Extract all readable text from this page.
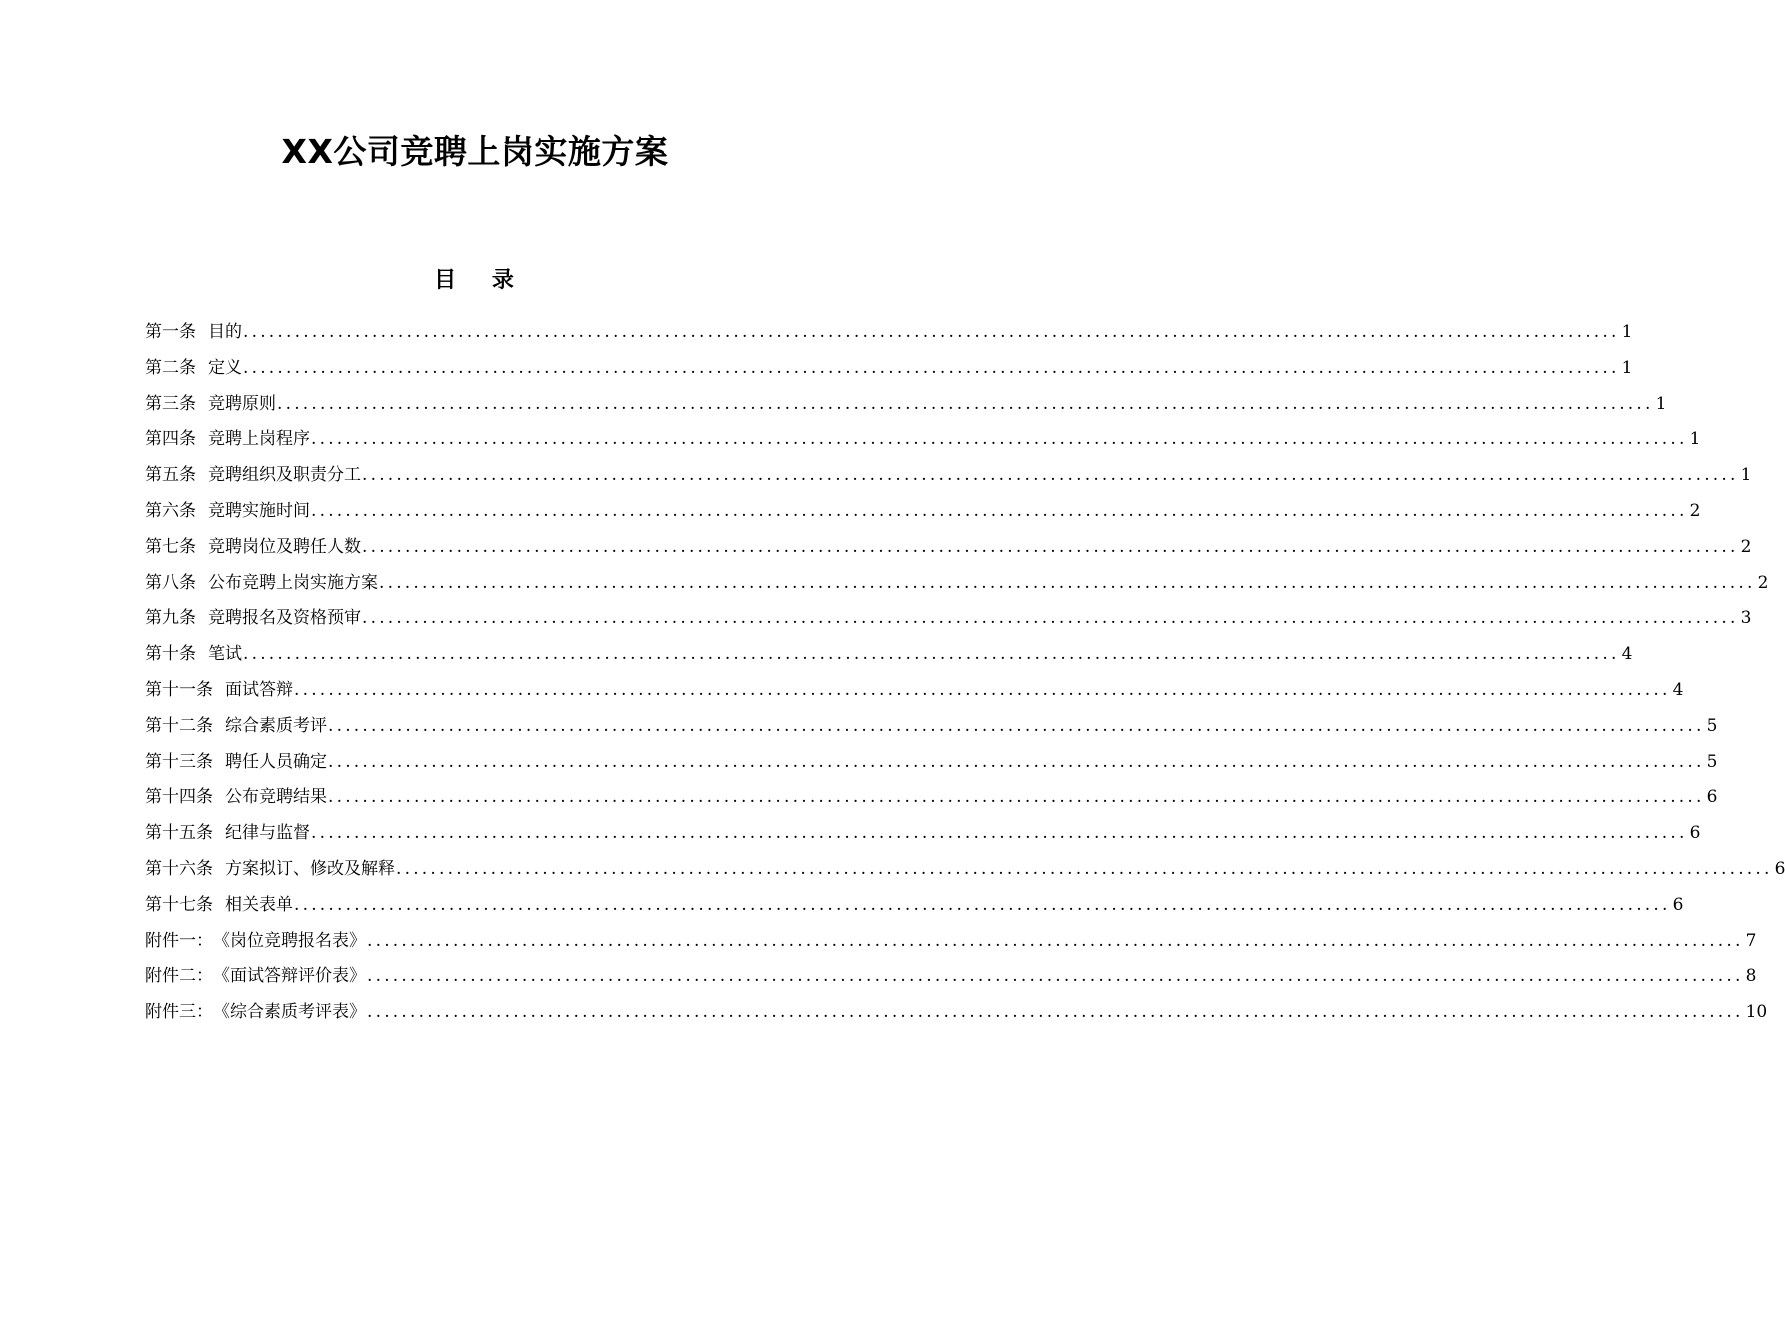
XX公司竞聘上岗实施方案
目 录
第一条 目的 ................................................................................................................................................................ 1
第二条 定义 ................................................................................................................................................................ 1
第三条 竞聘原则 ................................................................................................................................................................ 1
第四条 竞聘上岗程序 ................................................................................................................................................................ 1
第五条 竞聘组织及职责分工 ................................................................................................................................................................ 1
第六条 竞聘实施时间 ................................................................................................................................................................ 2
第七条 竞聘岗位及聘任人数 ................................................................................................................................................................ 2
第八条 公布竞聘上岗实施方案 ................................................................................................................................................................ 2
第九条 竞聘报名及资格预审 ................................................................................................................................................................ 3
第十条 笔试 ................................................................................................................................................................ 4
第十一条 面试答辩 ................................................................................................................................................................ 4
第十二条 综合素质考评 ................................................................................................................................................................ 5
第十三条 聘任人员确定 ................................................................................................................................................................ 5
第十四条 公布竞聘结果 ................................................................................................................................................................ 6
第十五条 纪律与监督 ................................................................................................................................................................ 6
第十六条 方案拟订、修改及解释 ................................................................................................................................................................ 6
第十七条 相关表单 ................................................................................................................................................................ 6
附件一： 《岗位竞聘报名表》 ................................................................................................................................................................ 7
附件二： 《面试答辩评价表》 ................................................................................................................................................................ 8
附件三： 《综合素质考评表》 ................................................................................................................................................................ 10
